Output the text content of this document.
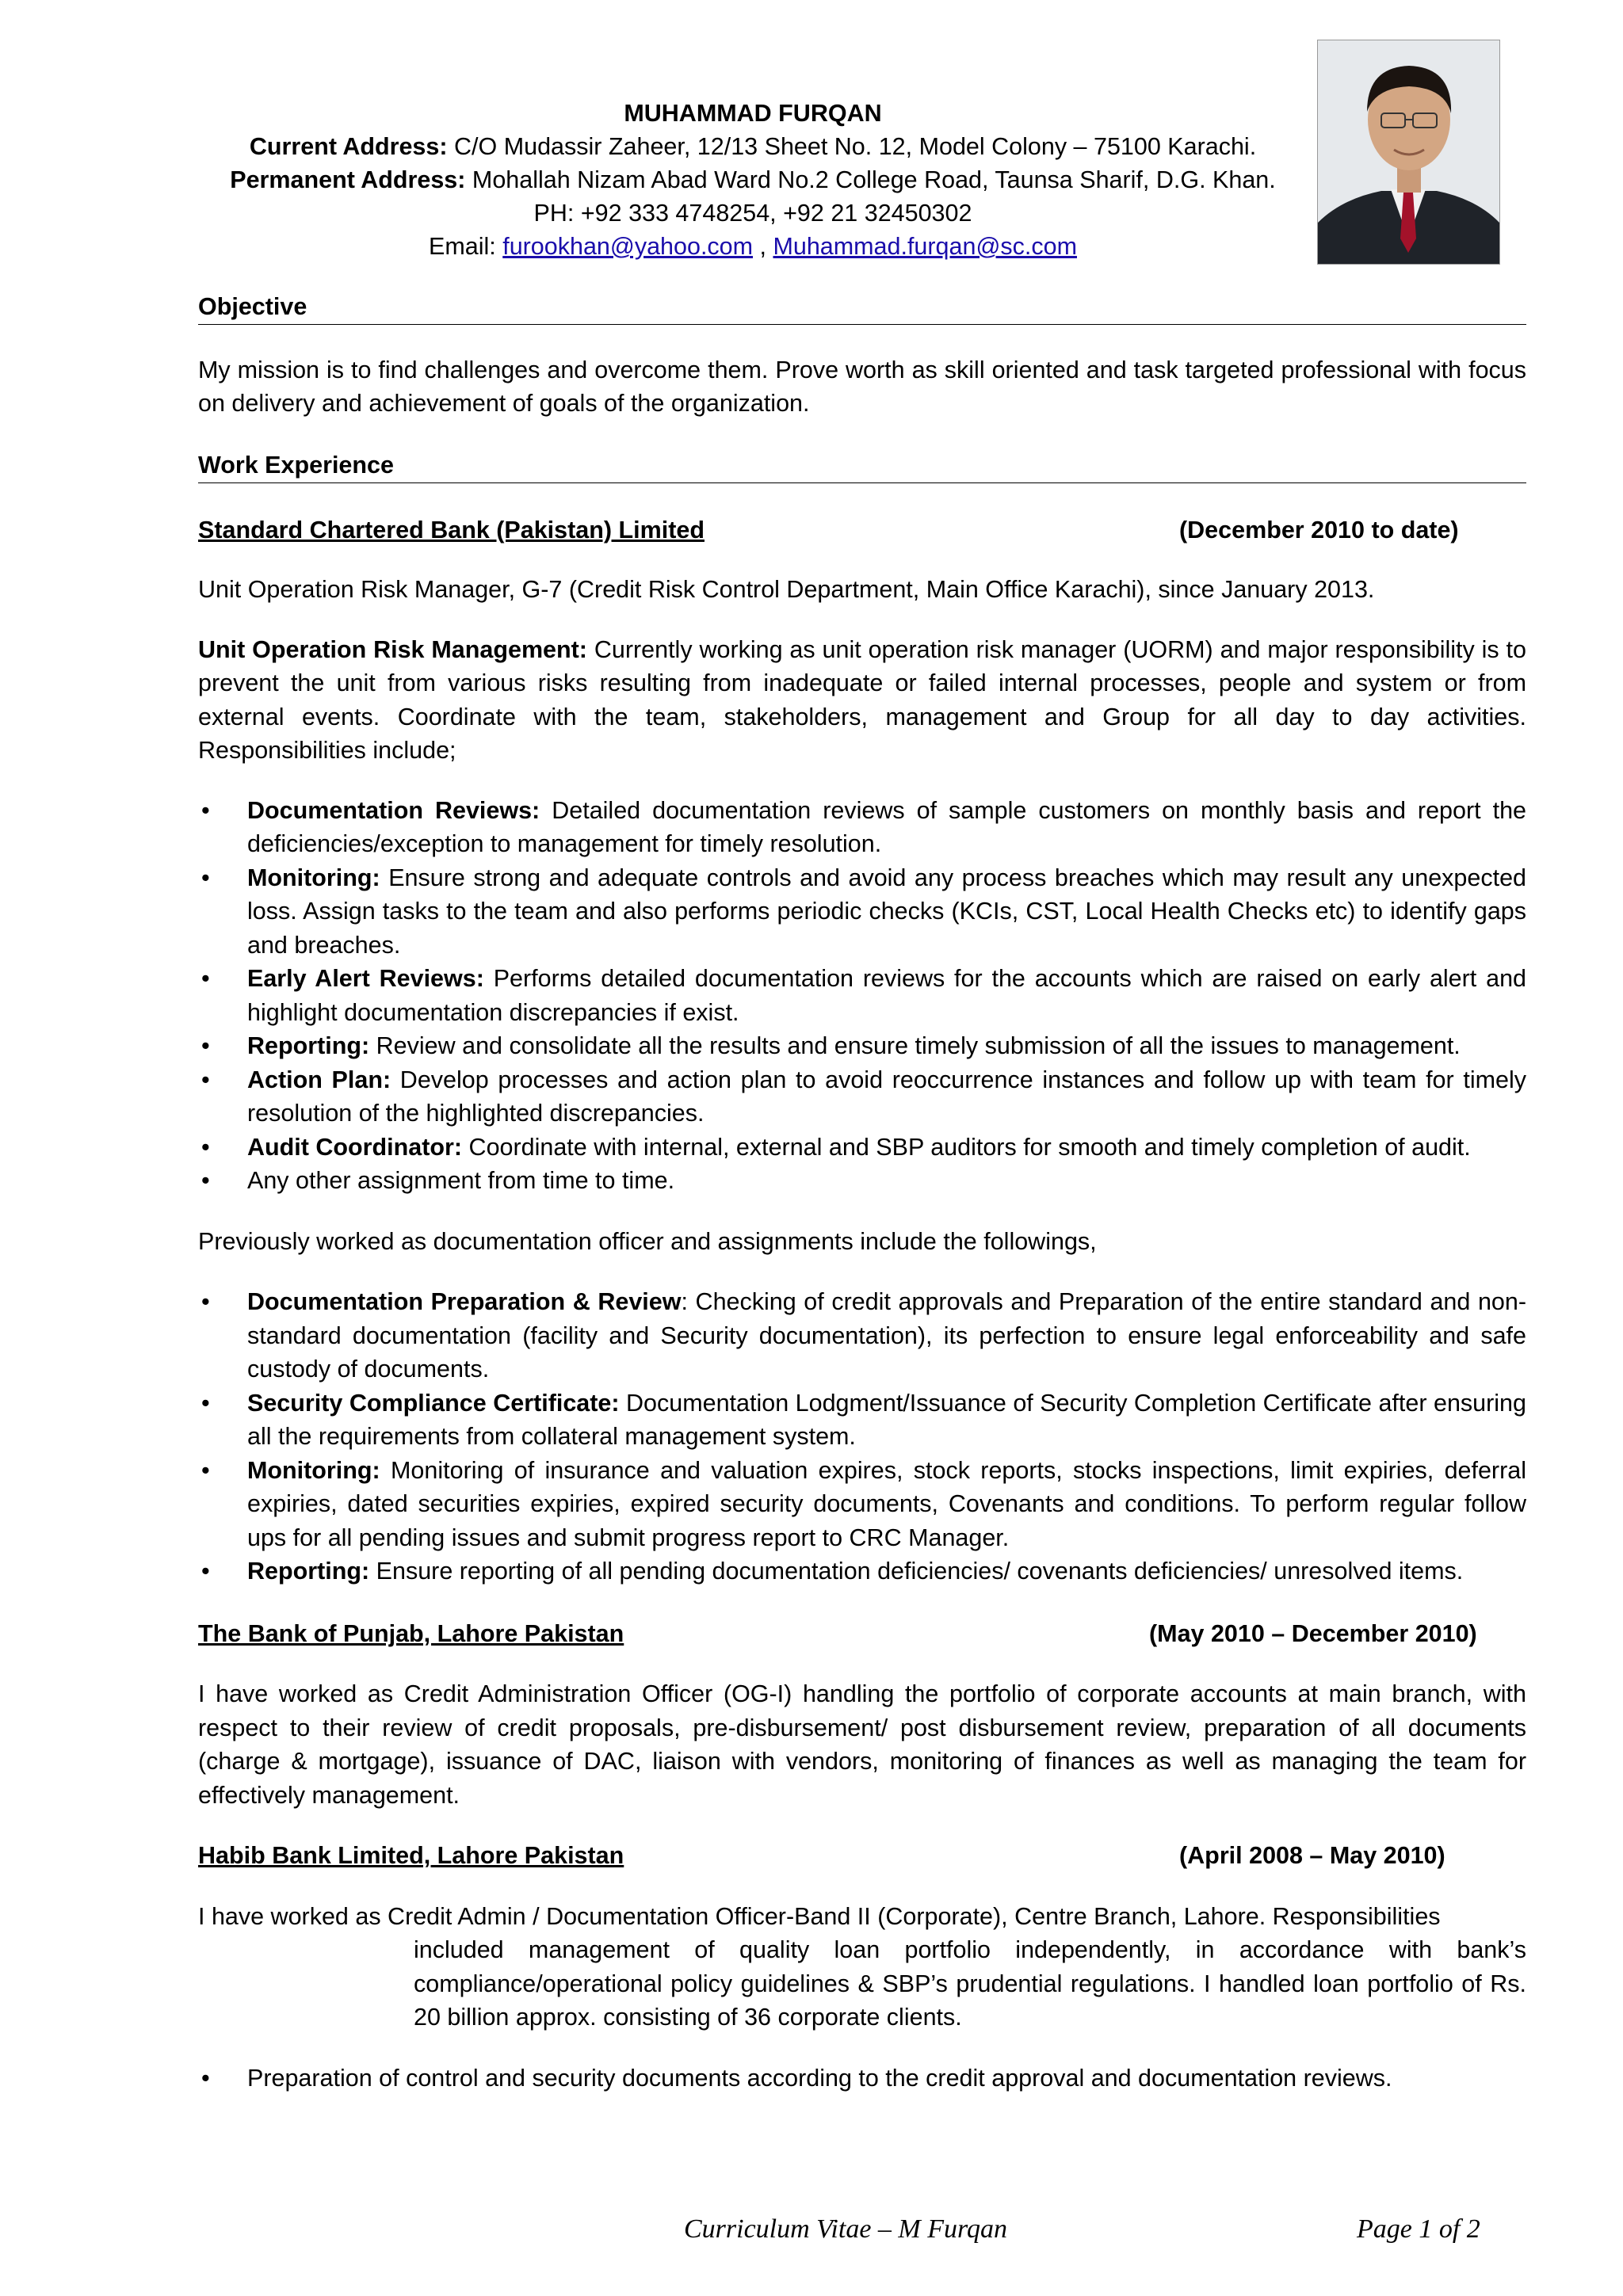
MUHAMMAD FURQAN
Current Address: C/O Mudassir Zaheer, 12/13 Sheet No. 12, Model Colony – 75100 Karachi.
Permanent Address: Mohallah Nizam Abad Ward No.2 College Road, Taunsa Sharif, D.G. Khan.
PH: +92 333 4748254, +92 21 32450302
Email: furookhan@yahoo.com , Muhammad.furqan@sc.com
Objective

My mission is to find challenges and overcome them. Prove worth as skill oriented and task targeted professional with focus on delivery and achievement of goals of the organization.

Work Experience
Standard Chartered Bank (Pakistan) Limited	(December 2010 to date)

Unit Operation Risk Manager, G-7 (Credit Risk Control Department, Main Office Karachi), since January 2013.

Unit Operation Risk Management: Currently working as unit operation risk manager (UORM) and major responsibility is to prevent the unit from various risks resulting from inadequate or failed internal processes, people and system or from external events. Coordinate with the team, stakeholders, management and Group for all day to day activities. Responsibilities include;

• Documentation Reviews: Detailed documentation reviews of sample customers on monthly basis and report the deficiencies/exception to management for timely resolution.
• Monitoring: Ensure strong and adequate controls and avoid any process breaches which may result any unexpected loss. Assign tasks to the team and also performs periodic checks (KCIs, CST, Local Health Checks etc) to identify gaps and breaches.
• Early Alert Reviews: Performs detailed documentation reviews for the accounts which are raised on early alert and highlight documentation discrepancies if exist.
• Reporting: Review and consolidate all the results and ensure timely submission of all the issues to management.
• Action Plan: Develop processes and action plan to avoid reoccurrence instances and follow up with team for timely resolution of the highlighted discrepancies.
• Audit Coordinator: Coordinate with internal, external and SBP auditors for smooth and timely completion of audit.
• Any other assignment from time to time.

Previously worked as documentation officer and assignments include the followings,

• Documentation Preparation & Review: Checking of credit approvals and Preparation of the entire standard and non-standard documentation (facility and Security documentation), its perfection to ensure legal enforceability and safe custody of documents.
• Security Compliance Certificate: Documentation Lodgment/Issuance of Security Completion Certificate after ensuring all the requirements from collateral management system.
• Monitoring: Monitoring of insurance and valuation expires, stock reports, stocks inspections, limit expiries, deferral expiries, dated securities expiries, expired security documents, Covenants and conditions. To perform regular follow ups for all pending issues and submit progress report to CRC Manager.
• Reporting: Ensure reporting of all pending documentation deficiencies/ covenants deficiencies/ unresolved items.
The Bank of Punjab, Lahore Pakistan	(May 2010 – December 2010)

I have worked as Credit Administration Officer (OG-I) handling the portfolio of corporate accounts at main branch, with respect to their review of credit proposals, pre-disbursement/ post disbursement review, preparation of all documents (charge & mortgage), issuance of DAC, liaison with vendors, monitoring of finances as well as managing the team for effectively management.

Habib Bank Limited, Lahore Pakistan	(April 2008 – May 2010)
I have worked as Credit Admin / Documentation Officer-Band II (Corporate), Centre Branch, Lahore. Responsibilities
included management of quality loan portfolio independently, in accordance with bank’s compliance/operational policy guidelines & SBP’s prudential regulations. I handled loan portfolio of Rs. 20 billion approx. consisting of 36 corporate clients.
• Preparation of control and security documents according to the credit approval and documentation reviews.
Curriculum Vitae – M Furqan	Page 1 of 2
